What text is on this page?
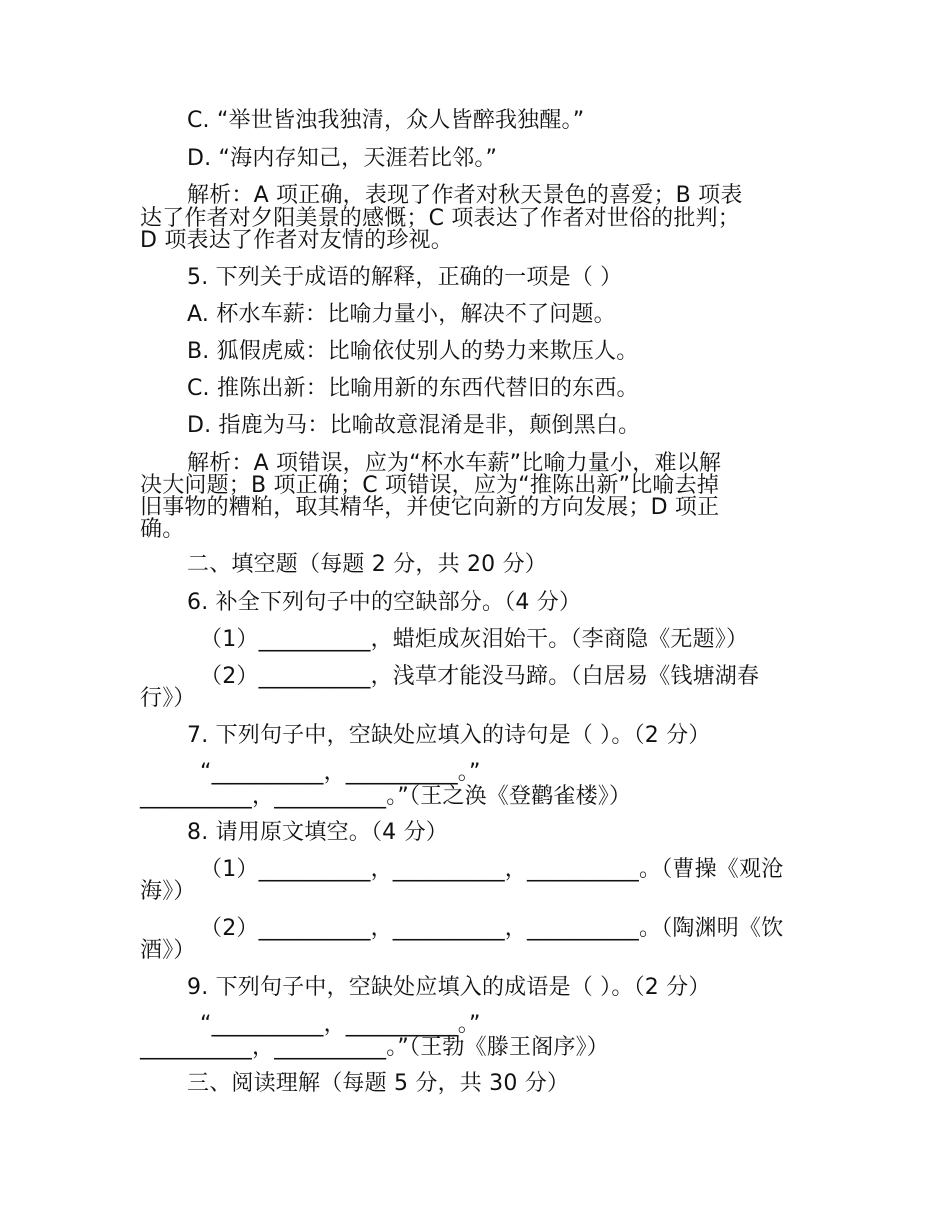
C. “举世皆浊我独清，众人皆醉我独醒。”
D. “海内存知己，天涯若比邻。”
解析：A 项正确，表现了作者对秋天景色的喜爱；B 项表
达了作者对夕阳美景的感慨；C 项表达了作者对世俗的批判；
D 项表达了作者对友情的珍视。
5. 下列关于成语的解释，正确的一项是（ ）
A. 杯水车薪：比喻力量小，解决不了问题。
B. 狐假虎威：比喻依仗别人的势力来欺压人。
C. 推陈出新：比喻用新的东西代替旧的东西。
D. 指鹿为马：比喻故意混淆是非，颠倒黑白。
解析：A 项错误，应为“杯水车薪”比喻力量小，难以解
决大问题；B 项正确；C 项错误，应为“推陈出新”比喻去掉
旧事物的糟粕，取其精华，并使它向新的方向发展；D 项正
确。
二、填空题（每题 2 分，共 20 分）
6. 补全下列句子中的空缺部分。（4 分）
（1）__________，蜡炬成灰泪始干。（李商隐《无题》）
（2）__________，浅草才能没马蹄。（白居易《钱塘湖春
行》）
7. 下列句子中，空缺处应填入的诗句是（ ）。（2 分）
“__________，__________。”
__________，__________。”（王之涣《登鹳雀楼》）
8. 请用原文填空。（4 分）
（1）__________，__________，__________。（曹操《观沧
海》）
（2）__________，__________，__________。（陶渊明《饮
酒》）
9. 下列句子中，空缺处应填入的成语是（ ）。（2 分）
“__________，__________。”
__________，__________。”（王勃《滕王阁序》）
三、阅读理解（每题 5 分，共 30 分）
